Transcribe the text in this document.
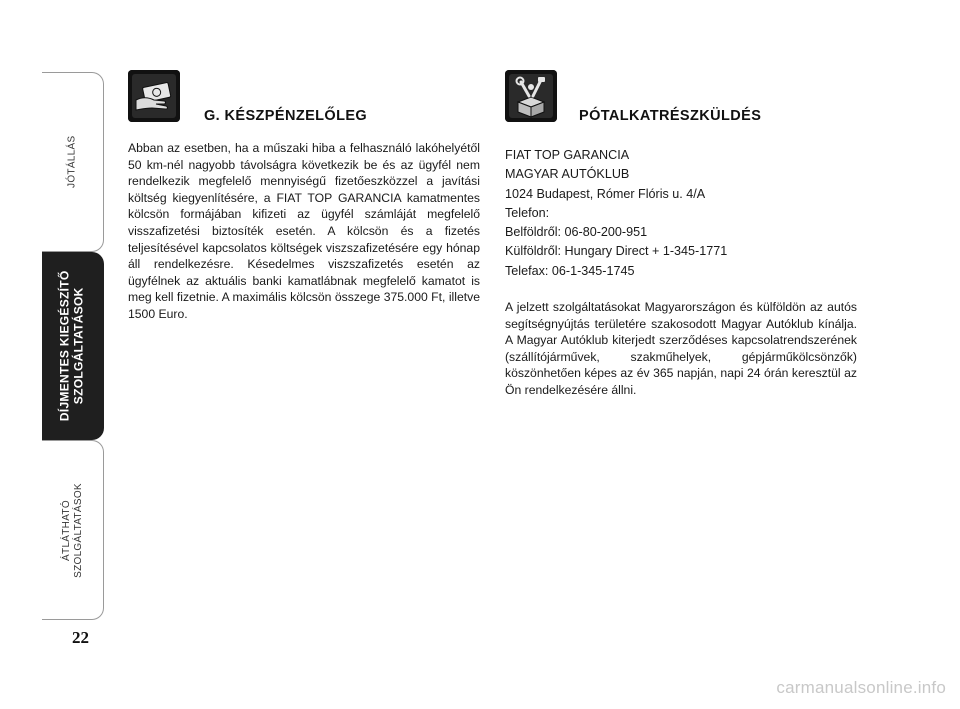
JÓTÁLLÁS
DÍJMENTES KIEGÉSZÍTŐ SZOLGÁLTATÁSOK
ÁTLÁTHATÓ SZOLGÁLTATÁSOK
22
G. KÉSZPÉNZELŐLEG

Abban az esetben, ha a műszaki hiba a felhasználó lakóhelyétől 50 km-nél nagyobb távolságra következik be és az ügyfél nem rendelkezik megfelelő mennyiségű fizetőeszközzel a javítási költség kiegyenlítésére, a FIAT TOP GARANCIA kamatmentes kölcsön formájában kifizeti az ügyfél számláját megfelelő visszafizetési biztosíték esetén. A kölcsön és a fizetés teljesítésével kapcsolatos költségek viszszafizetésére egy hónap áll rendelkezésre. Késedelmes viszszafizetés esetén az ügyfélnek az aktuális banki kamatlábnak megfelelő kamatot is meg kell fizetnie. A maximális kölcsön összege 375.000 Ft, illetve 1500 Euro.

PÓTALKATRÉSZKÜLDÉS
FIAT TOP GARANCIA
MAGYAR AUTÓKLUB
1024 Budapest, Rómer Flóris u. 4/A
Telefon:
Belföldről: 06-80-200-951
Külföldről: Hungary Direct + 1-345-1771
Telefax: 06-1-345-1745

A jelzett szolgáltatásokat Magyarországon és külföldön az autós segítségnyújtás területére szakosodott Magyar Autóklub kínálja. A Magyar Autóklub kiterjedt szerződéses kapcsolatrendszerének (szállítójárművek, szakműhelyek, gépjárműkölcsönzők) köszönhetően képes az év 365 napján, napi 24 órán keresztül az Ön rendelkezésére állni.

carmanualsonline.info
